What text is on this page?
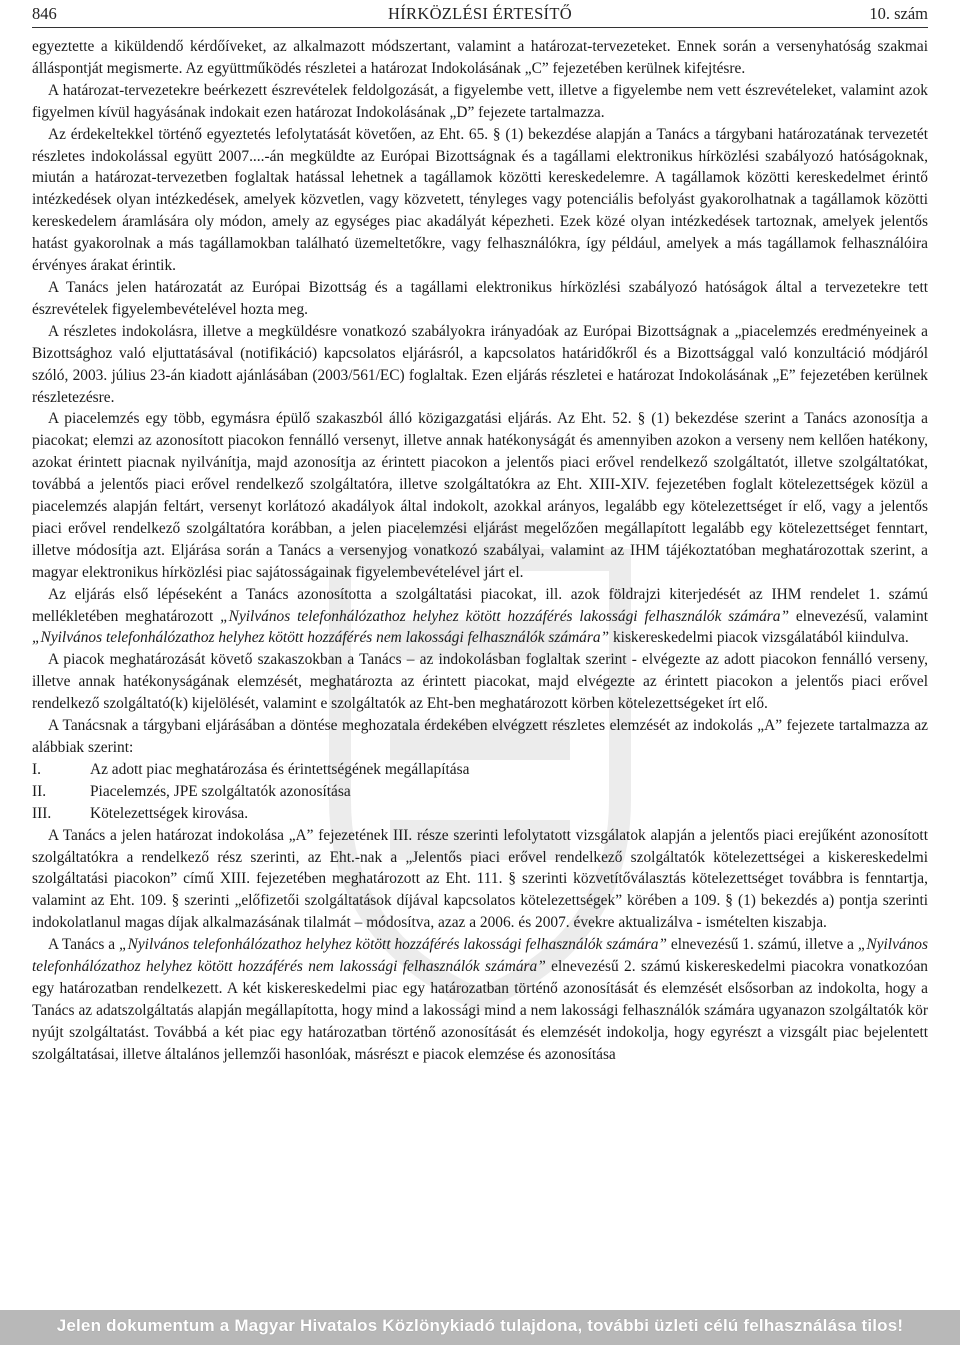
846	HÍRKÖZLÉSI ÉRTESÍTŐ	10. szám

egyeztette a kiküldendő kérdőíveket, az alkalmazott módszertant, valamint a határozat-tervezeteket. Ennek során a versenyhatóság szakmai álláspontját megismerte. Az együttműködés részletei a határozat Indokolásának „C” fejezetében kerülnek kifejtésre.

A határozat-tervezetekre beérkezett észrevételek feldolgozását, a figyelembe vett, illetve a figyelembe nem vett észrevételeket, valamint azok figyelmen kívül hagyásának indokait ezen határozat Indokolásának „D” fejezete tartalmazza.

Az érdekeltekkel történő egyeztetés lefolytatását követően, az Eht. 65. § (1) bekezdése alapján a Tanács a tárgybani határozatának tervezetét részletes indokolással együtt 2007....-án megküldte az Európai Bizottságnak és a tagállami elektronikus hírközlési szabályozó hatóságoknak, miután a határozat-tervezetben foglaltak hatással lehetnek a tagállamok közötti kereskedelemre. A tagállamok közötti kereskedelmet érintő intézkedések olyan intézkedések, amelyek közvetlen, vagy közvetett, tényleges vagy potenciális befolyást gyakorolhatnak a tagállamok közötti kereskedelem áramlására oly módon, amely az egységes piac akadályát képezheti. Ezek közé olyan intézkedések tartoznak, amelyek jelentős hatást gyakorolnak a más tagállamokban található üzemeltetőkre, vagy felhasználókra, így például, amelyek a más tagállamok felhasználóira érvényes árakat érintik.

A Tanács jelen határozatát az Európai Bizottság és a tagállami elektronikus hírközlési szabályozó hatóságok által a tervezetekre tett észrevételek figyelembevételével hozta meg.

A részletes indokolásra, illetve a megküldésre vonatkozó szabályokra irányadóak az Európai Bizottságnak a „piacelemzés eredményeinek a Bizottsághoz való eljuttatásával (notifikáció) kapcsolatos eljárásról, a kapcsolatos határidőkről és a Bizottsággal való konzultáció módjáról szóló, 2003. július 23-án kiadott ajánlásában (2003/561/EC) foglaltak. Ezen eljárás részletei e határozat Indokolásának „E” fejezetében kerülnek részletezésre.

A piacelemzés egy több, egymásra épülő szakaszból álló közigazgatási eljárás. Az Eht. 52. § (1) bekezdése szerint a Tanács azonosítja a piacokat; elemzi az azonosított piacokon fennálló versenyt, illetve annak hatékonyságát és amennyiben azokon a verseny nem kellően hatékony, azokat érintett piacnak nyilvánítja, majd azonosítja az érintett piacokon a jelentős piaci erővel rendelkező szolgáltatót, illetve szolgáltatókat, továbbá a jelentős piaci erővel rendelkező szolgáltatóra, illetve szolgáltatókra az Eht. XIII-XIV. fejezetében foglalt kötelezettségek közül a piacelemzés alapján feltárt, versenyt korlátozó akadályok által indokolt, azokkal arányos, legalább egy kötelezettséget ír elő, vagy a jelentős piaci erővel rendelkező szolgáltatóra korábban, a jelen piacelemzési eljárást megelőzően megállapított legalább egy kötelezettséget fenntart, illetve módosítja azt. Eljárása során a Tanács a versenyjog vonatkozó szabályai, valamint az IHM tájékoztatóban meghatározottak szerint, a magyar elektronikus hírközlési piac sajátosságainak figyelembevételével járt el.

Az eljárás első lépéseként a Tanács azonosította a szolgáltatási piacokat, ill. azok földrajzi kiterjedését az IHM rendelet 1. számú mellékletében meghatározott „Nyilvános telefonhálózathoz helyhez kötött hozzáférés lakossági felhasználók számára” elnevezésű, valamint „Nyilvános telefonhálózathoz helyhez kötött hozzáférés nem lakossági felhasználók számára” kiskereskedelmi piacok vizsgálatából kiindulva.

A piacok meghatározását követő szakaszokban a Tanács – az indokolásban foglaltak szerint - elvégezte az adott piacokon fennálló verseny, illetve annak hatékonyságának elemzését, meghatározta az érintett piacokat, majd elvégezte az érintett piacokon a jelentős piaci erővel rendelkező szolgáltató(k) kijelölését, valamint e szolgáltatók az Eht-ben meghatározott körben kötelezettségeket írt elő.

A Tanácsnak a tárgybani eljárásában a döntése meghozatala érdekében elvégzett részletes elemzését az indokolás „A” fejezete tartalmazza az alábbiak szerint:

I.	Az adott piac meghatározása és érintettségének megállapítása
II.	Piacelemzés, JPE szolgáltatók azonosítása
III.	Kötelezettségek kirovása.

A Tanács a jelen határozat indokolása „A” fejezetének III. része szerinti lefolytatott vizsgálatok alapján a jelentős piaci erejűként azonosított szolgáltatókra a rendelkező rész szerinti, az Eht.-nak a „Jelentős piaci erővel rendelkező szolgáltatók kötelezettségei a kiskereskedelmi szolgáltatási piacokon” című XIII. fejezetében meghatározott az Eht. 111. § szerinti közvetítőválasztás kötelezettséget továbbra is fenntartja, valamint az Eht. 109. § szerinti „előfizetői szolgáltatások díjával kapcsolatos kötelezettségek” körében a 109. § (1) bekezdés a) pontja szerinti indokolatlanul magas díjak alkalmazásának tilalmát – módosítva, azaz a 2006. és 2007. évekre aktualizálva - ismételten kiszabja.

A Tanács a „Nyilvános telefonhálózathoz helyhez kötött hozzáférés lakossági felhasználók számára” elnevezésű 1. számú, illetve a „Nyilvános telefonhálózathoz helyhez kötött hozzáférés nem lakossági felhasználók számára” elnevezésű 2. számú kiskereskedelmi piacokra vonatkozóan egy határozatban rendelkezett. A két kiskereskedelmi piac egy határozatban történő azonosítását és elemzését elsősorban az indokolta, hogy a Tanács az adatszolgáltatás alapján megállapította, hogy mind a lakossági mind a nem lakossági felhasználók számára ugyanazon szolgáltatók kör nyújt szolgáltatást. Továbbá a két piac egy határozatban történő azonosítását és elemzését indokolja, hogy egyrészt a vizsgált piac bejelentett szolgáltatásai, illetve általános jellemzői hasonlóak, másrészt e piacok elemzése és azonosítása

Jelen dokumentum a Magyar Hivatalos Közlönykiadó tulajdona, további üzleti célú felhasználása tilos!
